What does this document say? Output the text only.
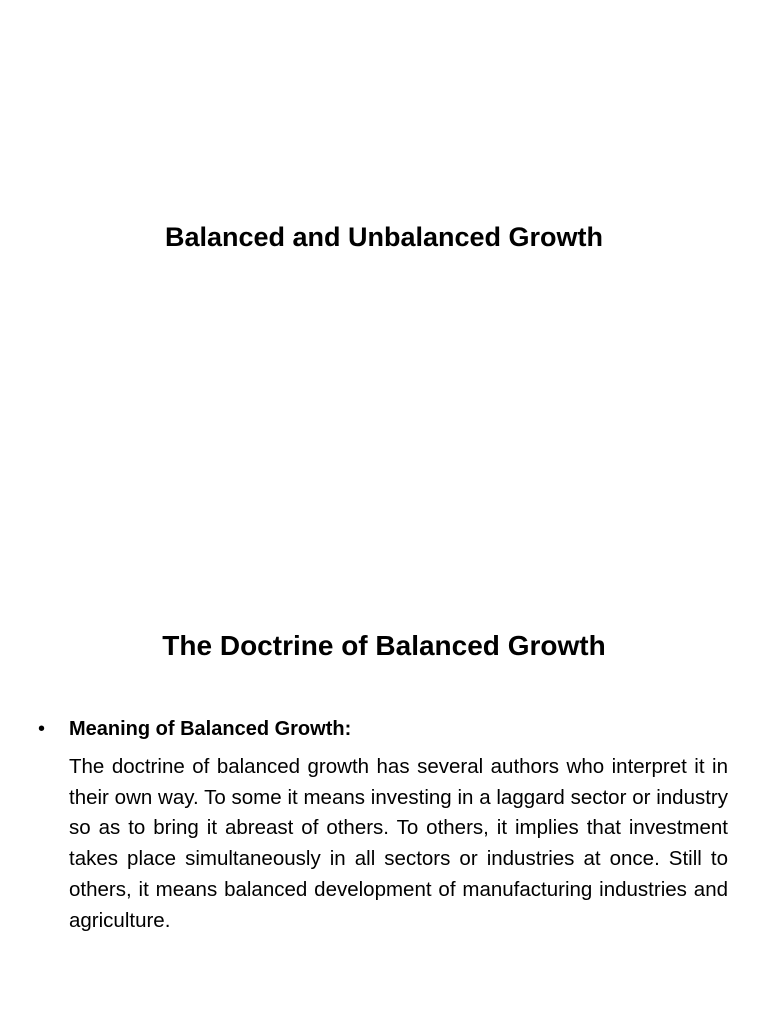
Balanced and Unbalanced Growth
The Doctrine of Balanced Growth
• Meaning of Balanced Growth:

The doctrine of balanced growth has several authors who interpret it in their own way. To some it means investing in a laggard sector or industry so as to bring it abreast of others. To others, it implies that investment takes place simultaneously in all sectors or industries at once. Still to others, it means balanced development of manufacturing industries and agriculture.
